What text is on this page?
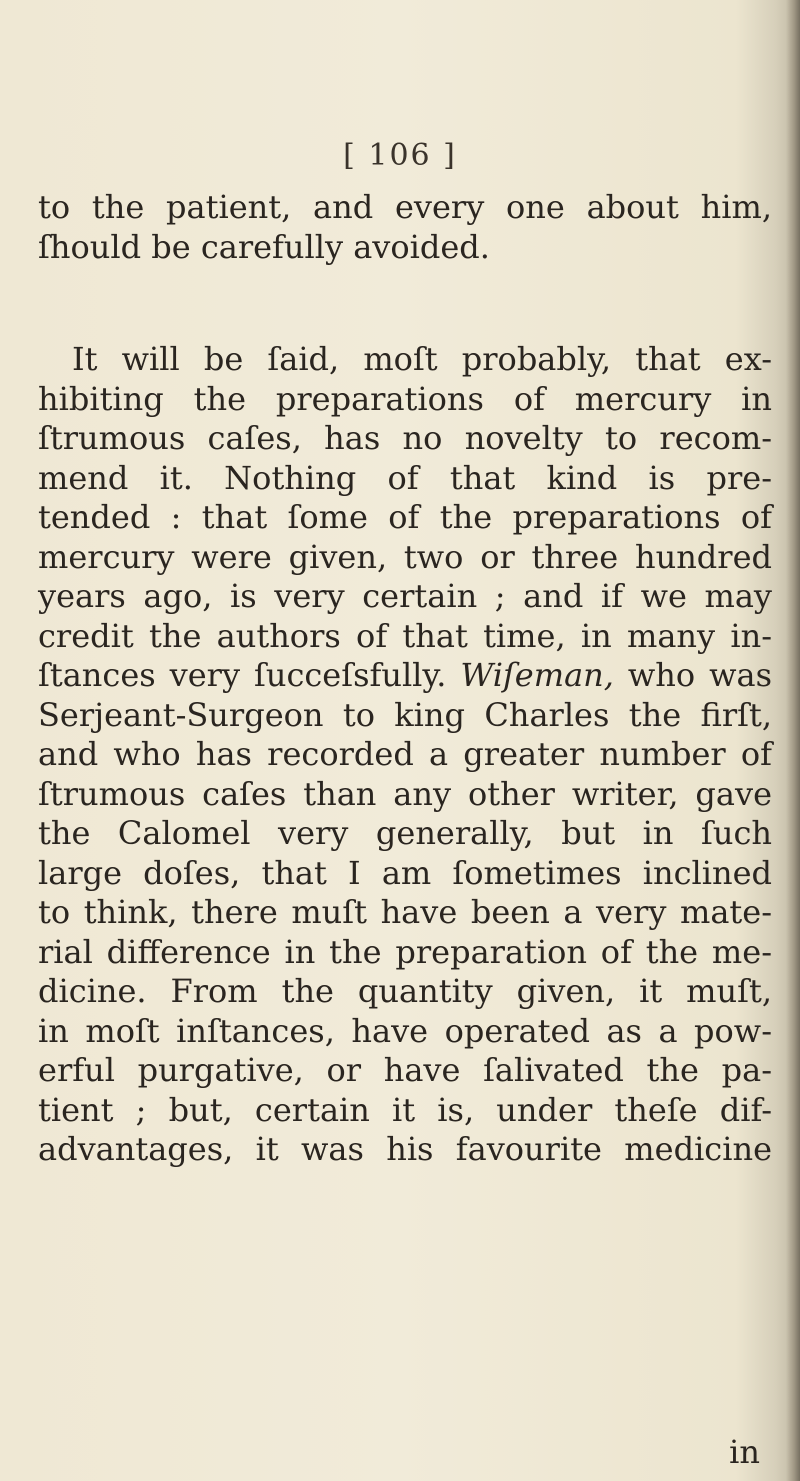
[ 106 ]
to the patient, and every one about him,
ſhould be carefully avoided.
It will be ſaid, moſt probably, that ex-
hibiting the preparations of mercury in
ſtrumous caſes, has no novelty to recom-
mend it. Nothing of that kind is pre-
tended : that ſome of the preparations of
mercury were given, two or three hundred
years ago, is very certain ; and if we may
credit the authors of that time, in many in-
ſtances very ſucceſsfully. Wiſeman, who was
Serjeant-Surgeon to king Charles the firſt,
and who has recorded a greater number of
ſtrumous caſes than any other writer, gave
the Calomel very generally, but in ſuch
large doſes, that I am ſometimes inclined
to think, there muſt have been a very mate-
rial difference in the preparation of the me-
dicine. From the quantity given, it muſt,
in moſt inſtances, have operated as a pow-
erful purgative, or have ſalivated the pa-
tient ; but, certain it is, under theſe dif-
advantages, it was his favourite medicine
in
